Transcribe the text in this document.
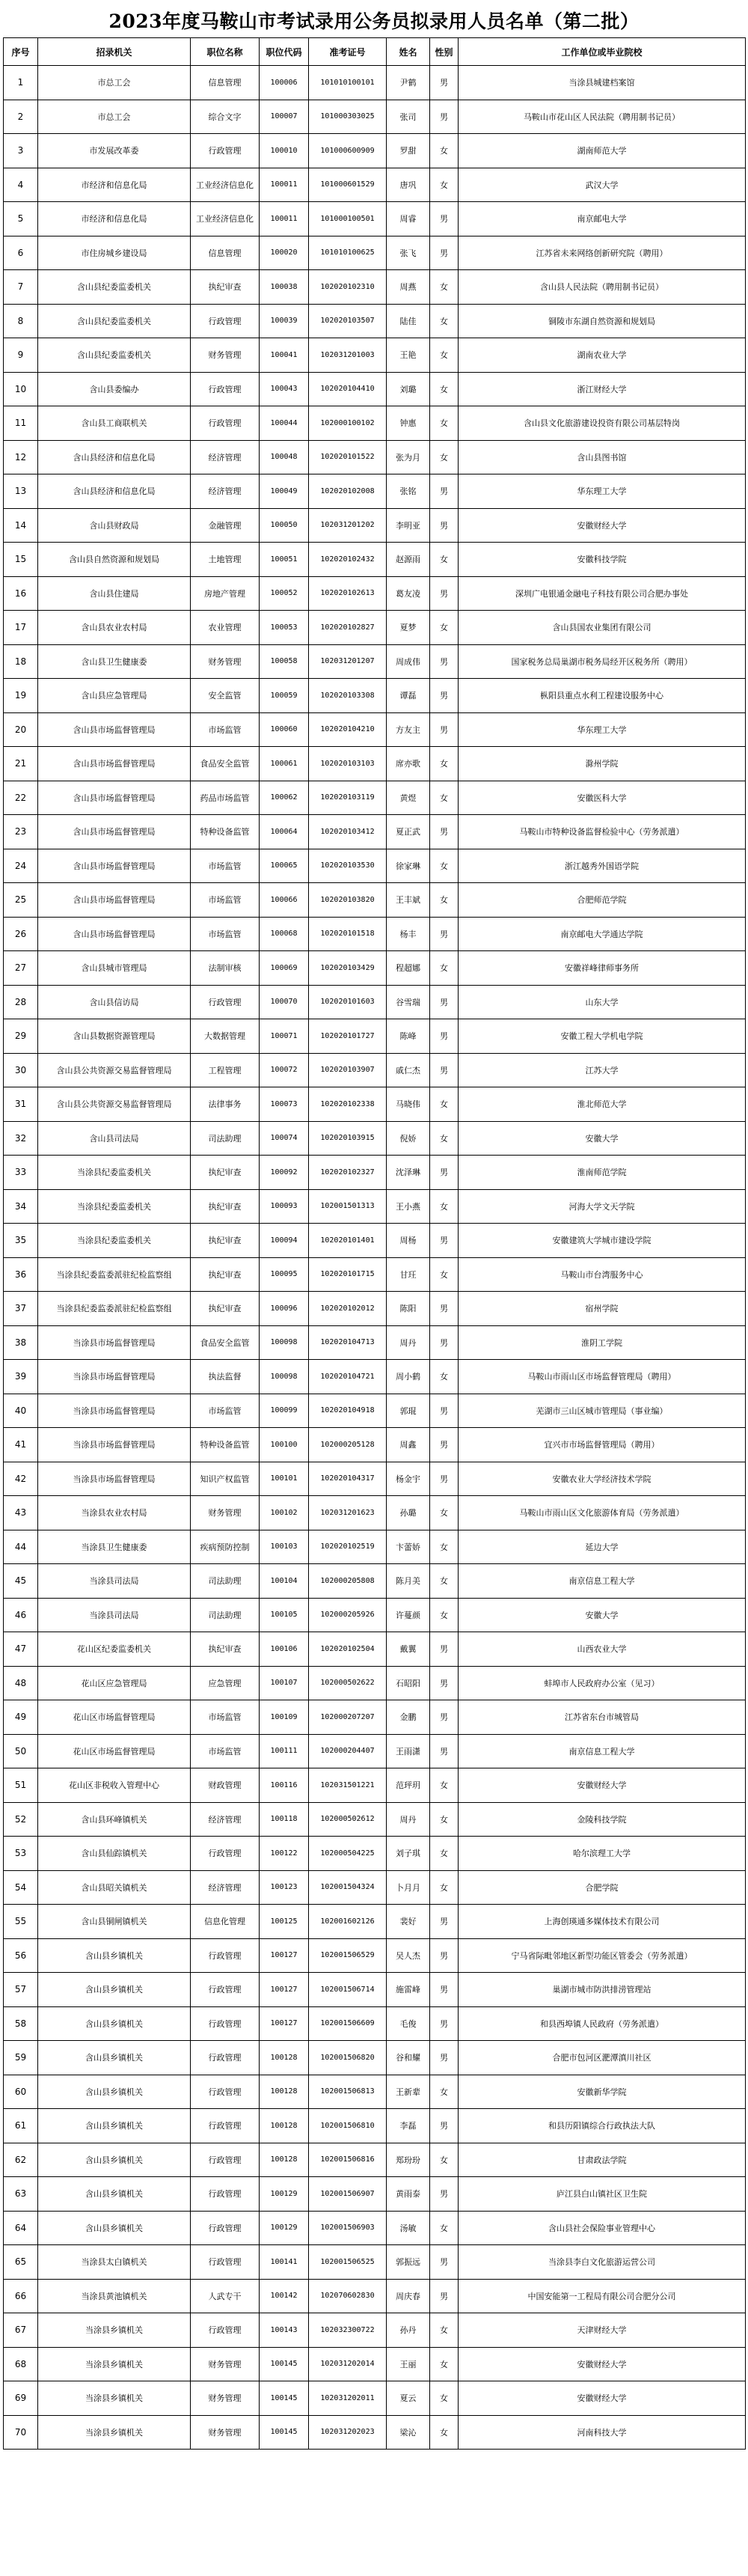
2023年度马鞍山市考试录用公务员拟录用人员名单（第二批）
序号	招录机关	职位名称	职位代码	准考证号	姓名	性别	工作单位或毕业院校
1	市总工会	信息管理	100006	101010100101	尹鹤	男	当涂县城建档案馆
2	市总工会	综合文字	100007	101000303025	张司	男	马鞍山市花山区人民法院（聘用制书记员）
3	市发展改革委	行政管理	100010	101000600909	罗甜	女	湖南师范大学
4	市经济和信息化局	工业经济信息化	100011	101000601529	唐巩	女	武汉大学
5	市经济和信息化局	工业经济信息化	100011	101000100501	周睿	男	南京邮电大学
6	市住房城乡建设局	信息管理	100020	101010100625	张飞	男	江苏省未来网络创新研究院（聘用）
7	含山县纪委监委机关	执纪审查	100038	102020102310	周燕	女	含山县人民法院（聘用制书记员）
8	含山县纪委监委机关	行政管理	100039	102020103507	陆佳	女	铜陵市东湖自然资源和规划局
9	含山县纪委监委机关	财务管理	100041	102031201003	王艳	女	湖南农业大学
10	含山县委编办	行政管理	100043	102020104410	刘璐	女	浙江财经大学
11	含山县工商联机关	行政管理	100044	102000100102	钟惠	女	含山县文化旅游建设投资有限公司基层特岗
12	含山县经济和信息化局	经济管理	100048	102020101522	张为月	女	含山县图书馆
13	含山县经济和信息化局	经济管理	100049	102020102008	张铭	男	华东理工大学
14	含山县财政局	金融管理	100050	102031201202	李明亚	男	安徽财经大学
15	含山县自然资源和规划局	土地管理	100051	102020102432	赵源雨	女	安徽科技学院
16	含山县住建局	房地产管理	100052	102020102613	葛友凌	男	深圳广电银通金融电子科技有限公司合肥办事处
17	含山县农业农村局	农业管理	100053	102020102827	夏梦	女	含山县国农业集团有限公司
18	含山县卫生健康委	财务管理	100058	102031201207	周成伟	男	国家税务总局巢湖市税务局经开区税务所（聘用）
19	含山县应急管理局	安全监管	100059	102020103308	谭磊	男	枞阳县重点水利工程建设服务中心
20	含山县市场监督管理局	市场监管	100060	102020104210	方友主	男	华东理工大学
21	含山县市场监督管理局	食品安全监管	100061	102020103103	席亦歌	女	滁州学院
22	含山县市场监督管理局	药品市场监管	100062	102020103119	黄煜	女	安徽医科大学
23	含山县市场监督管理局	特种设备监管	100064	102020103412	夏正武	男	马鞍山市特种设备监督检验中心（劳务派遣）
24	含山县市场监督管理局	市场监管	100065	102020103530	徐家琳	女	浙江越秀外国语学院
25	含山县市场监督管理局	市场监管	100066	102020103820	王丰斌	女	合肥师范学院
26	含山县市场监督管理局	市场监管	100068	102020101518	杨丰	男	南京邮电大学通达学院
27	含山县城市管理局	法制审核	100069	102020103429	程超娜	女	安徽祥峰律师事务所
28	含山县信访局	行政管理	100070	102020101603	谷雪瑞	男	山东大学
29	含山县数据资源管理局	大数据管理	100071	102020101727	陈峰	男	安徽工程大学机电学院
30	含山县公共资源交易监督管理局	工程管理	100072	102020103907	戚仁杰	男	江苏大学
31	含山县公共资源交易监督管理局	法律事务	100073	102020102338	马晓伟	女	淮北师范大学
32	含山县司法局	司法助理	100074	102020103915	倪娇	女	安徽大学
33	当涂县纪委监委机关	执纪审查	100092	102020102327	沈泽琳	男	淮南师范学院
34	当涂县纪委监委机关	执纪审查	100093	102001501313	王小燕	女	河海大学文天学院
35	当涂县纪委监委机关	执纪审查	100094	102020101401	周杨	男	安徽建筑大学城市建设学院
36	当涂县纪委监委派驻纪检监察组	执纪审查	100095	102020101715	甘玨	女	马鞍山市台湾服务中心
37	当涂县纪委监委派驻纪检监察组	执纪审查	100096	102020102012	陈阳	男	宿州学院
38	当涂县市场监督管理局	食品安全监管	100098	102020104713	周丹	男	淮阴工学院
39	当涂县市场监督管理局	执法监督	100098	102020104721	周小鹤	女	马鞍山市雨山区市场监督管理局（聘用）
40	当涂县市场监督管理局	市场监管	100099	102020104918	郭琨	男	芜湖市三山区城市管理局（事业编）
41	当涂县市场监督管理局	特种设备监管	100100	102000205128	周鑫	男	宜兴市市场监督管理局（聘用）
42	当涂县市场监督管理局	知识产权监管	100101	102020104317	杨金宇	男	安徽农业大学经济技术学院
43	当涂县农业农村局	财务管理	100102	102031201623	孙璐	女	马鞍山市雨山区文化旅游体育局（劳务派遣）
44	当涂县卫生健康委	疾病预防控制	100103	102020102519	卞蕾娇	女	延边大学
45	当涂县司法局	司法助理	100104	102000205808	陈月美	女	南京信息工程大学
46	当涂县司法局	司法助理	100105	102000205926	许蔓颜	女	安徽大学
47	花山区纪委监委机关	执纪审查	100106	102020102504	戴翼	男	山西农业大学
48	花山区应急管理局	应急管理	100107	102000502622	石昭阳	男	蚌埠市人民政府办公室（见习）
49	花山区市场监督管理局	市场监管	100109	102000207207	金鹏	男	江苏省东台市城管局
50	花山区市场监督管理局	市场监管	100111	102000204407	王雨潇	男	南京信息工程大学
51	花山区非税收入管理中心	财政管理	100116	102031501221	范玶玥	女	安徽财经大学
52	含山县环峰镇机关	经济管理	100118	102000502612	周丹	女	金陵科技学院
53	含山县仙踪镇机关	行政管理	100122	102000504225	刘子琪	女	哈尔滨理工大学
54	含山县昭关镇机关	经济管理	100123	102001504324	卜月月	女	合肥学院
55	含山县铜闸镇机关	信息化管理	100125	102001602126	裴好	男	上海创瑛通多媒体技术有限公司
56	含山县乡镇机关	行政管理	100127	102001506529	吴人杰	男	宁马省际毗邻地区新型功能区管委会（劳务派遣）
57	含山县乡镇机关	行政管理	100127	102001506714	施雷峰	男	巢湖市城市防洪排涝管理站
58	含山县乡镇机关	行政管理	100127	102001506609	毛俊	男	和县西埠镇人民政府（劳务派遣）
59	含山县乡镇机关	行政管理	100128	102001506820	谷和耀	男	合肥市包河区淝潭滇川社区
60	含山县乡镇机关	行政管理	100128	102001506813	王新辈	女	安徽新华学院
61	含山县乡镇机关	行政管理	100128	102001506810	李磊	男	和县历阳镇综合行政执法大队
62	含山县乡镇机关	行政管理	100128	102001506816	郑玢玢	女	甘肃政法学院
63	含山县乡镇机关	行政管理	100129	102001506907	黄雨泰	男	庐江县白山镇社区卫生院
64	含山县乡镇机关	行政管理	100129	102001506903	汤敏	女	含山县社会保险事业管理中心
65	当涂县太白镇机关	行政管理	100141	102001506525	郭振远	男	当涂县李白文化旅游运营公司
66	当涂县黄池镇机关	人武专干	100142	102070602830	周庆春	男	中国安能第一工程局有限公司合肥分公司
67	当涂县乡镇机关	行政管理	100143	102032300722	孙丹	女	天津财经大学
68	当涂县乡镇机关	财务管理	100145	102031202014	王丽	女	安徽财经大学
69	当涂县乡镇机关	财务管理	100145	102031202011	夏云	女	安徽财经大学
70	当涂县乡镇机关	财务管理	100145	102031202023	梁沁	女	河南科技大学
